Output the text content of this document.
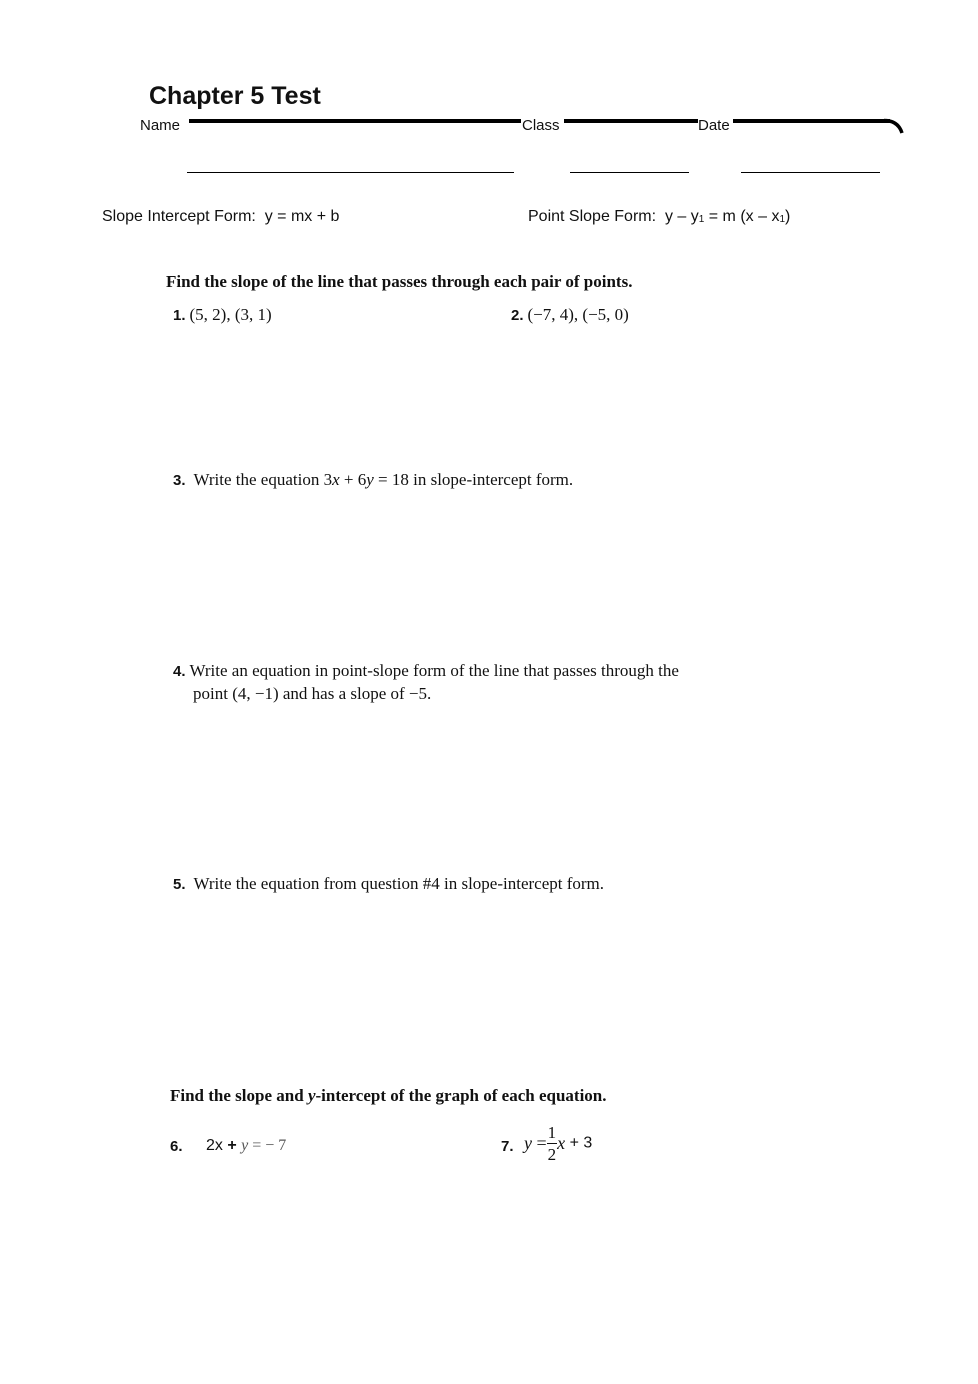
Chapter 5 Test
Name	Class	Date
Slope Intercept Form: y = mx + b	Point Slope Form: $y - y_1 = m$ $(x - x_1)$
Find the slope of the line that passes through each pair of points.
1. (5, 2), (3, 1)	2. (−7, 4), (−5, 0)
3. Write the equation 3x + 6y = 18 in slope-intercept form.
4. Write an equation in point-slope form of the line that passes through the
point (4, −1) and has a slope of −5.
5. Write the equation from question #4 in slope-intercept form.
Find the slope and y-intercept of the graph of each equation.
6. 2x + y = − 7	7. $y = \frac{1}{2}$ x + 3
